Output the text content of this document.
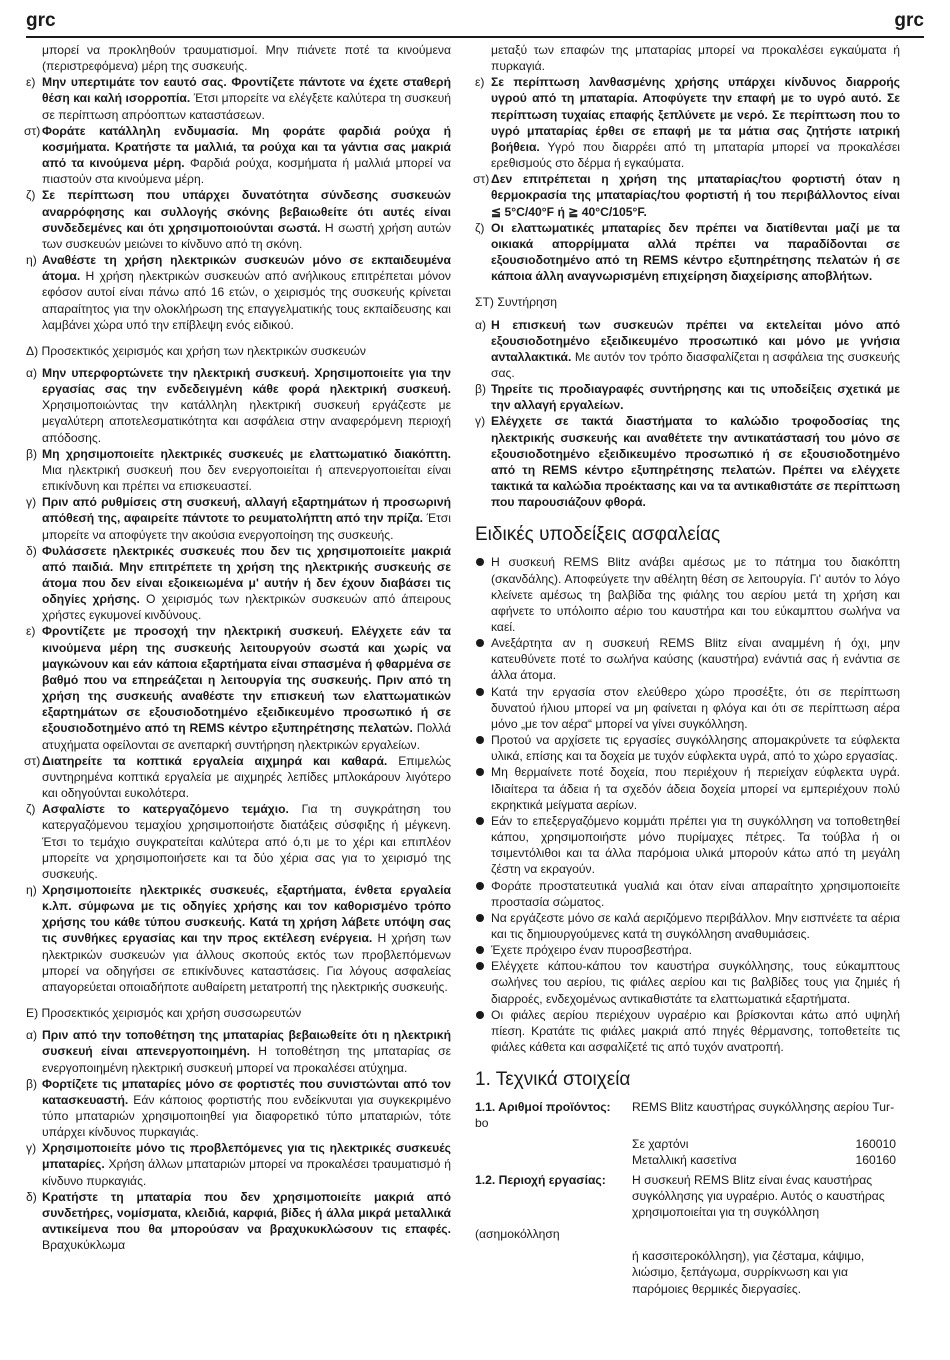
grc	grc

μπορεί να προκληθούν τραυματισμοί. Μην πιάνετε ποτέ τα κινούμενα (περιστρεφόμενα) μέρη της συσκευής.

ε) Μην υπερτιμάτε τον εαυτό σας. Φροντίζετε πάντοτε να έχετε σταθερή θέση και καλή ισορροπία. Έτσι μπορείτε να ελέγξετε καλύτερα τη συσκευή σε περίπτωση απρόοπτων καταστάσεων.

στ) Φοράτε κατάλληλη ενδυμασία. Μη φοράτε φαρδιά ρούχα ή κοσμήματα. Κρατήστε τα μαλλιά, τα ρούχα και τα γάντια σας μακριά από τα κινούμενα μέρη. Φαρδιά ρούχα, κοσμήματα ή μαλλιά μπορεί να πιαστούν στα κινούμενα μέρη.

ζ) Σε περίπτωση που υπάρχει δυνατότητα σύνδεσης συσκευών αναρρόφησης και συλλογής σκόνης βεβαιωθείτε ότι αυτές είναι συνδεδεμένες και ότι χρησιμοποιούνται σωστά. Η σωστή χρήση αυτών των συσκευών μειώνει το κίνδυνο από τη σκόνη.

η) Αναθέστε τη χρήση ηλεκτρικών συσκευών μόνο σε εκπαιδευμένα άτομα. Η χρήση ηλεκτρικών συσκευών από ανήλικους επιτρέπεται μόνον εφόσον αυτοί είναι πάνω από 16 ετών, ο χειρισμός της συσκευής κρίνεται απαραίτητος για την ολοκλήρωση της επαγγελματικής τους εκπαίδευσης και λαμβάνει χώρα υπό την επίβλεψη ενός ειδικού.

Δ) Προσεκτικός χειρισμός και χρήση των ηλεκτρικών συσκευών

α) Μην υπερφορτώνετε την ηλεκτρική συσκευή. Χρησιμοποιείτε για την εργασίας σας την ενδεδειγμένη κάθε φορά ηλεκτρική συσκευή. Χρησιμοποιώντας την κατάλληλη ηλεκτρική συσκευή εργάζεστε με μεγαλύτερη αποτελεσματικότητα και ασφάλεια στην αναφερόμενη περιοχή απόδοσης.

β) Μη χρησιμοποιείτε ηλεκτρικές συσκευές με ελαττωματικό διακόπτη. Μια ηλεκτρική συσκευή που δεν ενεργοποιείται ή απενεργοποιείται είναι επικίνδυνη και πρέπει να επισκευαστεί.

γ) Πριν από ρυθμίσεις στη συσκευή, αλλαγή εξαρτημάτων ή προσωρινή απόθεσή της, αφαιρείτε πάντοτε το ρευματολήπτη από την πρίζα. Έτσι μπορείτε να αποφύγετε την ακούσια ενεργοποίηση της συσκευής.

δ) Φυλάσσετε ηλεκτρικές συσκευές που δεν τις χρησιμοποιείτε μακριά από παιδιά. Μην επιτρέπετε τη χρήση της ηλεκτρικής συσκευής σε άτομα που δεν είναι εξοικειωμένα μ' αυτήν ή δεν έχουν διαβάσει τις οδηγίες χρήσης. Ο χειρισμός των ηλεκτρικών συσκευών από άπειρους χρήστες εγκυμονεί κινδύνους.

ε) Φροντίζετε με προσοχή την ηλεκτρική συσκευή. Ελέγχετε εάν τα κινούμενα μέρη της συσκευής λειτουργούν σωστά και χωρίς να μαγκώνουν και εάν κάποια εξαρτήματα είναι σπασμένα ή φθαρμένα σε βαθμό που να επηρεάζεται η λειτουργία της συσκευής. Πριν από τη χρήση της συσκευής αναθέστε την επισκευή των ελαττωματικών εξαρτημάτων σε εξουσιοδοτημένο εξειδικευμένο προσωπικό ή σε εξουσιοδοτημένο από τη REMS κέντρο εξυπηρέτησης πελατών. Πολλά ατυχήματα οφείλονται σε ανεπαρκή συντήρηση ηλεκτρικών εργαλείων.

στ) Διατηρείτε τα κοπτικά εργαλεία αιχμηρά και καθαρά. Επιμελώς συντηρημένα κοπτικά εργαλεία με αιχμηρές λεπίδες μπλοκάρουν λιγότερο και οδηγούνται ευκολότερα.

ζ) Ασφαλίστε το κατεργαζόμενο τεμάχιο. Για τη συγκράτηση του κατεργαζόμενου τεμαχίου χρησιμοποιήστε διατάξεις σύσφιξης ή μέγκενη. Έτσι το τεμάχιο συγκρατείται καλύτερα από ό,τι με το χέρι και επιπλέον μπορείτε να χρησιμοποιήσετε και τα δύο χέρια σας για το χειρισμό της συσκευής.

η) Χρησιμοποιείτε ηλεκτρικές συσκευές, εξαρτήματα, ένθετα εργαλεία κ.λπ. σύμφωνα με τις οδηγίες χρήσης και τον καθορισμένο τρόπο χρήσης του κάθε τύπου συσκευής. Κατά τη χρήση λάβετε υπόψη σας τις συνθήκες εργασίας και την προς εκτέλεση ενέργεια. Η χρήση των ηλεκτρικών συσκευών για άλλους σκοπούς εκτός των προβλεπόμενων μπορεί να οδηγήσει σε επικίνδυνες καταστάσεις. Για λόγους ασφαλείας απαγορεύεται οποιαδήποτε αυθαίρετη μετατροπή της ηλεκτρικής συσκευής.

Ε) Προσεκτικός χειρισμός και χρήση συσσωρευτών

α) Πριν από την τοποθέτηση της μπαταρίας βεβαιωθείτε ότι η ηλεκτρική συσκευή είναι απενεργοποιημένη. Η τοποθέτηση της μπαταρίας σε ενεργοποιημένη ηλεκτρική συσκευή μπορεί να προκαλέσει ατύχημα.

β) Φορτίζετε τις μπαταρίες μόνο σε φορτιστές που συνιστώνται από τον κατασκευαστή. Εάν κάποιος φορτιστής που ενδείκνυται για συγκεκριμένο τύπο μπαταριών χρησιμοποιηθεί για διαφορετικό τύπο μπαταριών, τότε υπάρχει κίνδυνος πυρκαγιάς.

γ) Χρησιμοποιείτε μόνο τις προβλεπόμενες για τις ηλεκτρικές συσκευές μπαταρίες. Χρήση άλλων μπαταριών μπορεί να προκαλέσει τραυματισμό ή κίνδυνο πυρκαγιάς.

δ) Κρατήστε τη μπαταρία που δεν χρησιμοποιείτε μακριά από συνδετήρες, νομίσματα, κλειδιά, καρφιά, βίδες ή άλλα μικρά μεταλλικά αντικείμενα που θα μπορούσαν να βραχυκυκλώσουν τις επαφές. Βραχυκύκλωμα

μεταξύ των επαφών της μπαταρίας μπορεί να προκαλέσει εγκαύματα ή πυρκαγιά.

ε) Σε περίπτωση λανθασμένης χρήσης υπάρχει κίνδυνος διαρροής υγρού από τη μπαταρία. Αποφύγετε την επαφή με το υγρό αυτό. Σε περίπτωση τυχαίας επαφής ξεπλύνετε με νερό. Σε περίπτωση που το υγρό μπαταρίας έρθει σε επαφή με τα μάτια σας ζητήστε ιατρική βοήθεια. Υγρό που διαρρέει από τη μπαταρία μπορεί να προκαλέσει ερεθισμούς στο δέρμα ή εγκαύματα.

στ) Δεν επιτρέπεται η χρήση της μπαταρίας/του φορτιστή όταν η θερμοκρασία της μπαταρίας/του φορτιστή ή του περιβάλλοντος είναι ≦ 5°C/40°F ή ≧ 40°C/105°F.

ζ) Οι ελαττωματικές μπαταρίες δεν πρέπει να διατίθενται μαζί με τα οικιακά απορρίμματα αλλά πρέπει να παραδίδονται σε εξουσιοδοτημένο από τη REMS κέντρο εξυπηρέτησης πελατών ή σε κάποια άλλη αναγνωρισμένη επιχείρηση διαχείρισης αποβλήτων.

ΣΤ) Συντήρηση

α) Η επισκευή των συσκευών πρέπει να εκτελείται μόνο από εξουσιοδοτημένο εξειδικευμένο προσωπικό και μόνο με γνήσια ανταλλακτικά. Με αυτόν τον τρόπο διασφαλίζεται η ασφάλεια της συσκευής σας.

β) Τηρείτε τις προδιαγραφές συντήρησης και τις υποδείξεις σχετικά με την αλλαγή εργαλείων.

γ) Ελέγχετε σε τακτά διαστήματα το καλώδιο τροφοδοσίας της ηλεκτρικής συσκευής και αναθέτετε την αντικατάστασή του μόνο σε εξουσιοδοτημένο εξειδικευμένο προσωπικό ή σε εξουσιοδοτημένο από τη REMS κέντρο εξυπηρέτησης πελατών. Πρέπει να ελέγχετε τακτικά τα καλώδια προέκτασης και να τα αντικαθιστάτε σε περίπτωση που παρουσιάζουν φθορά.

Ειδικές υποδείξεις ασφαλείας

Η συσκευή REMS Blitz ανάβει αμέσως με το πάτημα του διακόπτη (σκανδάλης). Αποφεύγετε την αθέλητη θέση σε λειτουργία. Γι' αυτόν το λόγο κλείνετε αμέσως τη βαλβίδα της φιάλης του αερίου μετά τη χρήση και αφήνετε το υπόλοιπο αέριο του καυστήρα και του εύκαμπτου σωλήνα να καεί.

Ανεξάρτητα αν η συσκευή REMS Blitz είναι αναμμένη ή όχι, μην κατευθύνετε ποτέ το σωλήνα καύσης (καυστήρα) ενάντιά σας ή ενάντια σε άλλα άτομα.

Κατά την εργασία στον ελεύθερο χώρο προσέξτε, ότι σε περίπτωση δυνατού ήλιου μπορεί να μη φαίνεται η φλόγα και ότι σε περίπτωση αέρα μόνο „με τον αέρα“ μπορεί να γίνει συγκόλληση.

Προτού να αρχίσετε τις εργασίες συγκόλλησης απομακρύνετε τα εύφλεκτα υλικά, επίσης και τα δοχεία με τυχόν εύφλεκτα υγρά, από το χώρο εργασίας.

Μη θερμαίνετε ποτέ δοχεία, που περιέχουν ή περιείχαν εύφλεκτα υγρά. Ιδιαίτερα τα άδεια ή τα σχεδόν άδεια δοχεία μπορεί να εμπεριέχουν πολύ εκρηκτικά μείγματα αερίων.

Εάν το επεξεργαζόμενο κομμάτι πρέπει για τη συγκόλληση να τοποθετηθεί κάπου, χρησιμοποιήστε μόνο πυρίμαχες πέτρες. Τα τούβλα ή οι τσιμεντόλιθοι και τα άλλα παρόμοια υλικά μπορούν κάτω από τη μεγάλη ζέστη να εκραγούν.

Φοράτε προστατευτικά γυαλιά και όταν είναι απαραίτητο χρησιμοποιείτε προστασία σώματος.

Να εργάζεστε μόνο σε καλά αεριζόμενο περιβάλλον. Μην εισπνέετε τα αέρια και τις δημιουργούμενες κατά τη συγκόλληση αναθυμιάσεις.

Έχετε πρόχειρο έναν πυροσβεστήρα.

Ελέγχετε κάπου-κάπου τον καυστήρα συγκόλλησης, τους εύκαμπτους σωλήνες του αερίου, τις φιάλες αερίου και τις βαλβίδες τους για ζημιές ή διαρροές, ενδεχομένως αντικαθιστάτε τα ελαττωματικά εξαρτήματα.

Οι φιάλες αερίου περιέχουν υγραέριο και βρίσκονται κάτω από υψηλή πίεση. Κρατάτε τις φιάλες μακριά από πηγές θέρμανσης, τοποθετείτε τις φιάλες κάθετα και ασφαλίζετέ τις από τυχόν ανατροπή.

1. Τεχνικά στοιχεία

1.1. Αριθμοί προϊόντος: REMS Blitz καυστήρας συγκόλλησης αερίου Tur-
bo
Σε χαρτόνι	160010
Μεταλλική κασετίνα	160160
1.2. Περιοχή εργασίας: Η συσκευή REMS Blitz είναι ένας καυστήρας
συγκόλλησης για υγραέριο. Αυτός ο καυστήρας
χρησιμοποιείται για τη συγκόλληση
(ασημοκόλληση
ή κασσιτεροκόλληση), για ζέσταμα, κάψιμο,
λιώσιμο, ξεπάγωμα, συρρίκνωση και για
παρόμοιες θερμικές διεργασίες.
